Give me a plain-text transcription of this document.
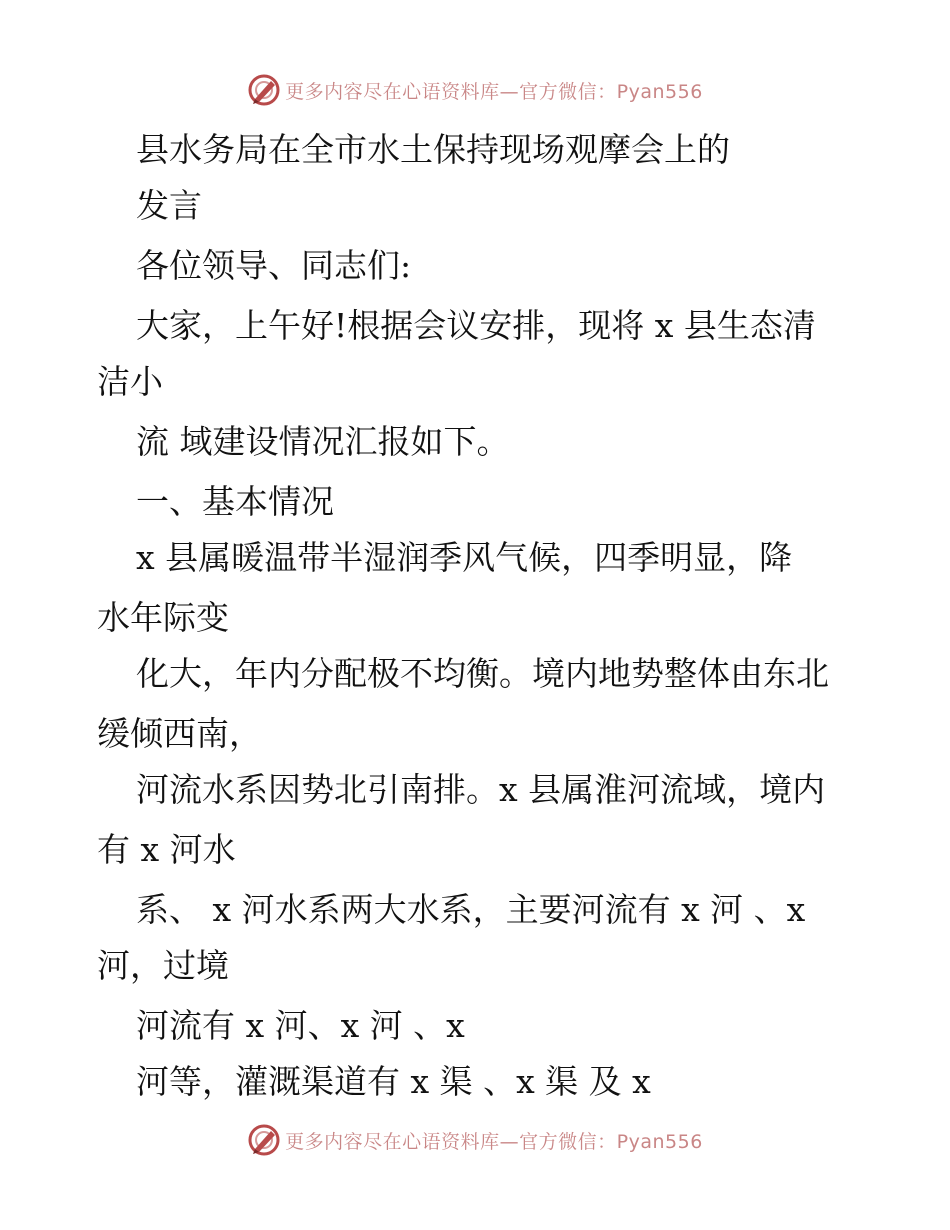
更多内容尽在心语资料库—官方微信：Pyan556
县水务局在全市水土保持现场观摩会上的
发言
各位领导、同志们:
大家，上午好!根据会议安排，现将 x 县生态清
洁小
流 域建设情况汇报如下。
一、基本情况
x 县属暖温带半湿润季风气候，四季明显，降
水年际变
化大，年内分配极不均衡。境内地势整体由东北
缓倾西南，
河流水系因势北引南排。x 县属淮河流域，境内
有 x 河水
系、 x 河水系两大水系，主要河流有 x 河 、x
河，过境
河流有 x 河、x 河 、x
河等，灌溉渠道有 x 渠 、x 渠 及 x
更多内容尽在心语资料库—官方微信：Pyan556
